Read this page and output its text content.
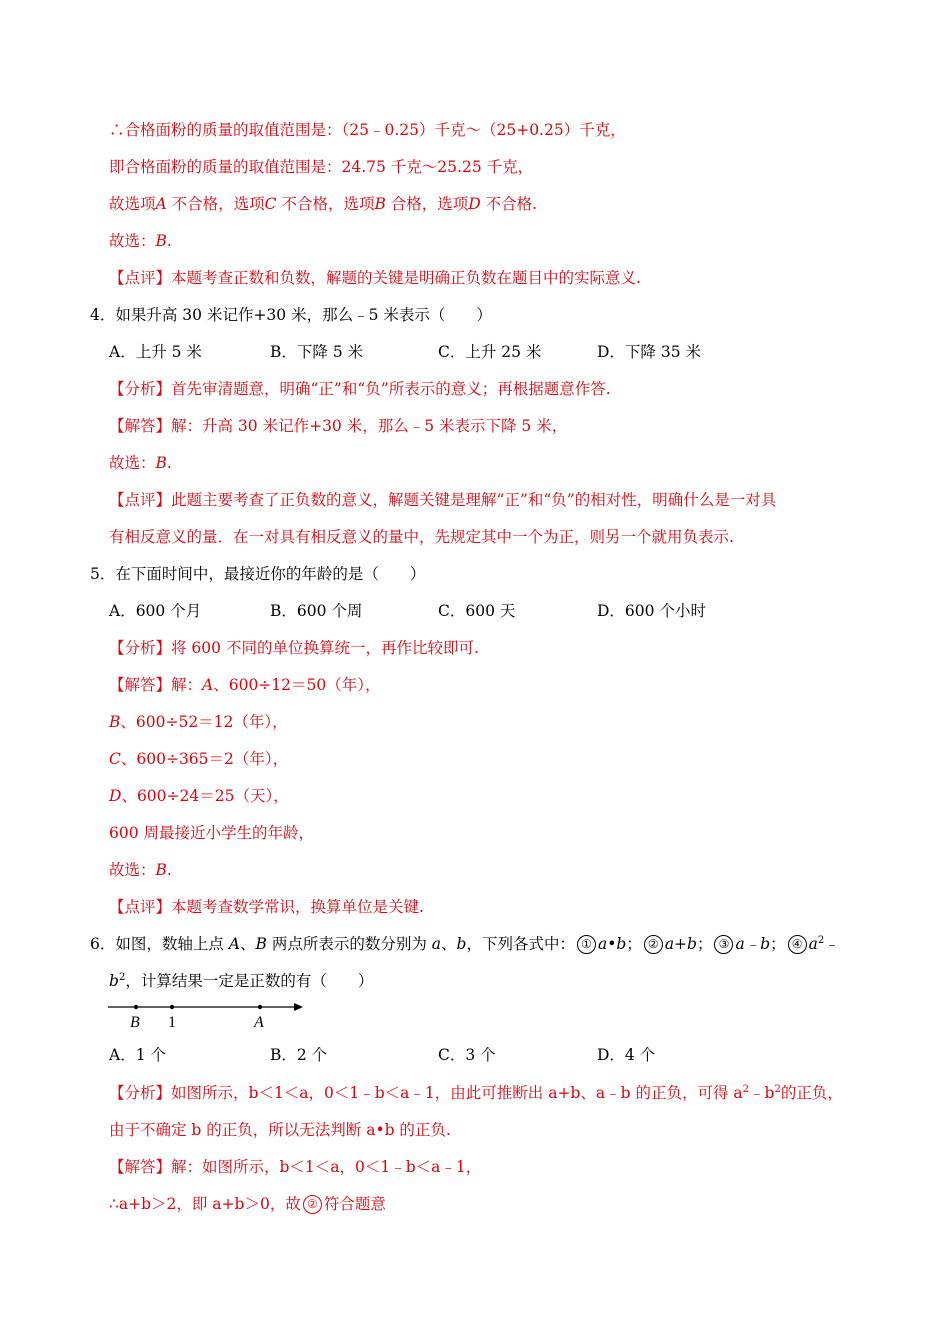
∴合格面粉的质量的取值范围是：（25﹣0.25）千克～（25+0.25）千克，
即合格面粉的质量的取值范围是：24.75 千克～25.25 千克，
故选项A 不合格，选项C 不合格，选项B 合格，选项D 不合格.
故选：B.
【点评】本题考查正数和负数，解题的关键是明确正负数在题目中的实际意义.
4．如果升高 30 米记作+30 米，那么﹣5 米表示（　　）
A．上升 5 米	B．下降 5 米	C．上升 25 米	D．下降 35 米
【分析】首先审清题意，明确“正”和“负”所表示的意义；再根据题意作答.
【解答】解：升高 30 米记作+30 米，那么﹣5 米表示下降 5 米，
故选：B.
【点评】此题主要考查了正负数的意义，解题关键是理解“正”和“负”的相对性，明确什么是一对具
有相反意义的量．在一对具有相反意义的量中，先规定其中一个为正，则另一个就用负表示.
5．在下面时间中，最接近你的年龄的是（　　）
A．600 个月	B．600 个周	C．600 天	D．600 个小时
【分析】将 600 不同的单位换算统一，再作比较即可.
【解答】解：A、600÷12＝50（年），
B、600÷52＝12（年），
C、600÷365＝2（年），
D、600÷24＝25（天），
600 周最接近小学生的年龄，
故选：B.
【点评】本题考查数学常识，换算单位是关键.
6．如图，数轴上点 A、B 两点所表示的数分别为 a、b，下列各式中： ① a•b； ② a+b； ③ a﹣b； ④ $a^2﹣$
$b^2$，计算结果一定是正数的有（　　）
B 1	A
A．1 个	B．2 个	C．3 个	D．4 个
【分析】如图所示，b＜1＜a，0＜1﹣b＜a﹣1，由此可推断出 a+b、a﹣b 的正负，可得 $a^2﹣b^2$的正负，
由于不确定 b 的正负，所以无法判断 a•b 的正负.
【解答】解：如图所示，b＜1＜a，0＜1﹣b＜a﹣1，
∴a+b＞2，即 a+b＞0，故 ② 符合题意
